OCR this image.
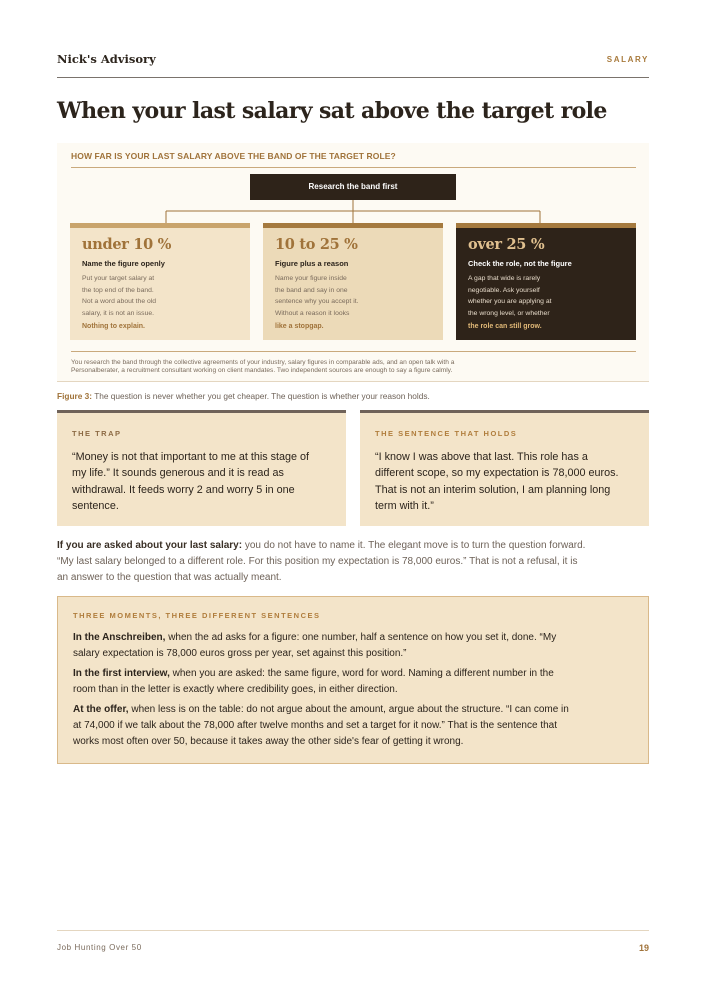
Nick's Advisory	SALARY
When your last salary sat above the target role
HOW FAR IS YOUR LAST SALARY ABOVE THE BAND OF THE TARGET ROLE?
Research the band first
under 10 %
Name the figure openly
Put your target salary at
the top end of the band.
Not a word about the old
salary, it is not an issue.
Nothing to explain.
10 to 25 %
Figure plus a reason
Name your figure inside
the band and say in one
sentence why you accept it.
Without a reason it looks
like a stopgap.
over 25 %
Check the role, not the figure
A gap that wide is rarely
negotiable. Ask yourself
whether you are applying at
the wrong level, or whether
the role can still grow.
You research the band through the collective agreements of your industry, salary figures in comparable ads, and an open talk with a
Personalberater, a recruitment consultant working on client mandates. Two independent sources are enough to say a figure calmly.
Figure 3: The question is never whether you get cheaper. The question is whether your reason holds.
THE TRAP
“Money is not that important to me at this stage of
my life.” It sounds generous and it is read as
withdrawal. It feeds worry 2 and worry 5 in one
sentence.
THE SENTENCE THAT HOLDS
“I know I was above that last. This role has a
different scope, so my expectation is 78,000 euros.
That is not an interim solution, I am planning long
term with it.”
If you are asked about your last salary: you do not have to name it. The elegant move is to turn the question forward.
“My last salary belonged to a different role. For this position my expectation is 78,000 euros.” That is not a refusal, it is
an answer to the question that was actually meant.
THREE MOMENTS, THREE DIFFERENT SENTENCES
In the Anschreiben, when the ad asks for a figure: one number, half a sentence on how you set it, done. “My
salary expectation is 78,000 euros gross per year, set against this position.”
In the first interview, when you are asked: the same figure, word for word. Naming a different number in the
room than in the letter is exactly where credibility goes, in either direction.
At the offer, when less is on the table: do not argue about the amount, argue about the structure. “I can come in
at 74,000 if we talk about the 78,000 after twelve months and set a target for it now.” That is the sentence that
works most often over 50, because it takes away the other side's fear of getting it wrong.
Job Hunting Over 50	19
